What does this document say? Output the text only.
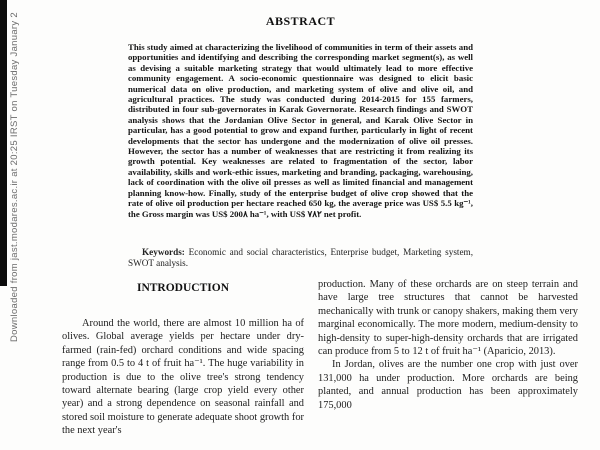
Downloaded from jast.modares.ac.ir at 20:25 IRST on Tuesday January 2	ABSTRACT
This study aimed at characterizing the livelihood of communities in term of their assets and opportunities and identifying and describing the corresponding market segment(s), as well as devising a suitable marketing strategy that would ultimately lead to more effective community engagement. A socio-economic questionnaire was designed to elicit basic numerical data on olive production, and marketing system of olive and olive oil, and agricultural practices. The study was conducted during 2014-2015 for 155 farmers, distributed in four sub-governorates in Karak Governorate. Research findings and SWOT analysis shows that the Jordanian Olive Sector in general, and Karak Olive Sector in particular, has a good potential to grow and expand further, particularly in light of recent developments that the sector has undergone and the modernization of olive oil presses. However, the sector has a number of weaknesses that are restricting it from realizing its growth potential. Key weaknesses are related to fragmentation of the sector, labor availability, skills and work-ethic issues, marketing and branding, packaging, warehousing, lack of coordination with the olive oil presses as well as limited financial and management planning know-how. Finally, study of the enterprise budget of olive crop showed that the rate of olive oil production per hectare reached 650 kg, the average price was US$ 5.5 kg⁻¹, the Gross margin was US$ 200٨ ha⁻¹, with US$ ٧٨٢ net profit.
Keywords: Economic and social characteristics, Enterprise budget, Marketing system, SWOT analysis.
INTRODUCTION

Around the world, there are almost 10 million ha of olives. Global average yields per hectare under dry-farmed (rain-fed) orchard conditions and wide spacing range from 0.5 to 4 t of fruit ha⁻¹. The huge variability in production is due to the olive tree's strong tendency toward alternate bearing (large crop yield every other year) and a strong dependence on seasonal rainfall and stored soil moisture to generate adequate shoot growth for the next year's

production. Many of these orchards are on steep terrain and have large tree structures that cannot be harvested mechanically with trunk or canopy shakers, making them very marginal economically. The more modern, medium-density to high-density to super-high-density orchards that are irrigated can produce from 5 to 12 t of fruit ha⁻¹ (Aparicio, 2013).

In Jordan, olives are the number one crop with just over 131,000 ha under production. More orchards are being planted, and annual production has been approximately 175,000
